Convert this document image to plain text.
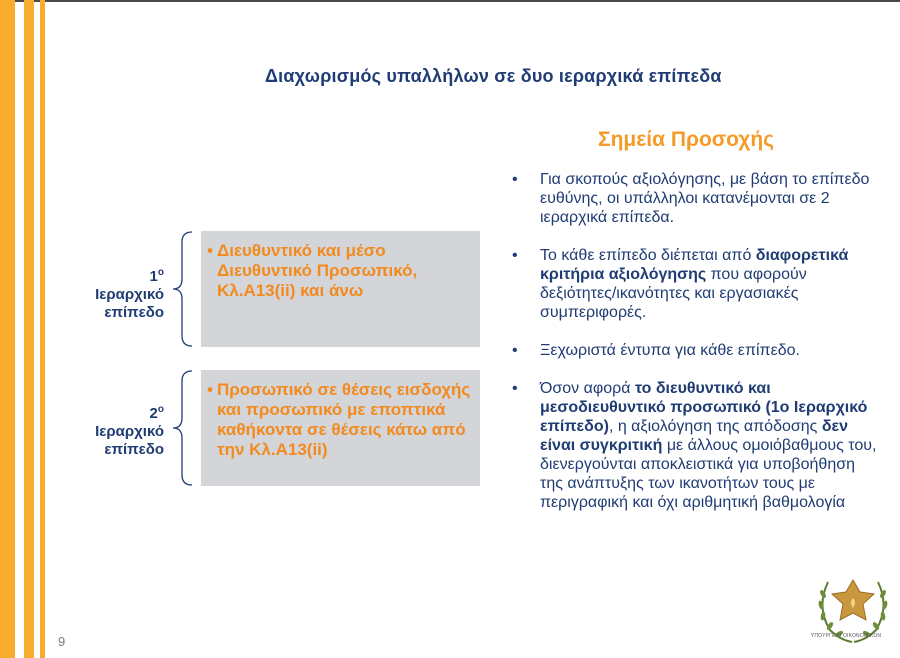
Διαχωρισμός υπαλλήλων σε δυο ιεραρχικά επίπεδα
$1^o$
Ιεραρχικό
επίπεδο
• Διευθυντικό και μέσο Διευθυντικό Προσωπικό, Κλ.Α13(ii) και άνω
$2^o$
Ιεραρχικό
επίπεδο
• Προσωπικό σε θέσεις εισδοχής και προσωπικό με εποπτικά καθήκοντα σε θέσεις κάτω από την Κλ.Α13(ii)
Σημεία Προσοχής
• Για σκοπούς αξιολόγησης, με βάση το επίπεδο ευθύνης, οι υπάλληλοι κατανέμονται σε 2 ιεραρχικά επίπεδα.
• Το κάθε επίπεδο διέπεται από διαφορετικά κριτήρια αξιολόγησης που αφορούν δεξιότητες/ικανότητες και εργασιακές συμπεριφορές.
• Ξεχωριστά έντυπα για κάθε επίπεδο.
• Όσον αφορά το διευθυντικό και μεσοδιευθυντικό προσωπικό (1ο Ιεραρχικό επίπεδο), η αξιολόγηση της απόδοσης δεν είναι συγκριτική με άλλους ομοιόβαθμους του, διενεργούνται αποκλειστικά για υποβοήθηση της ανάπτυξης των ικανοτήτων τους με περιγραφική και όχι αριθμητική βαθμολογία
9	ΥΠΟΥΡΓΕΙΟ ΟΙΚΟΝΟΜΙΚΩΝ
